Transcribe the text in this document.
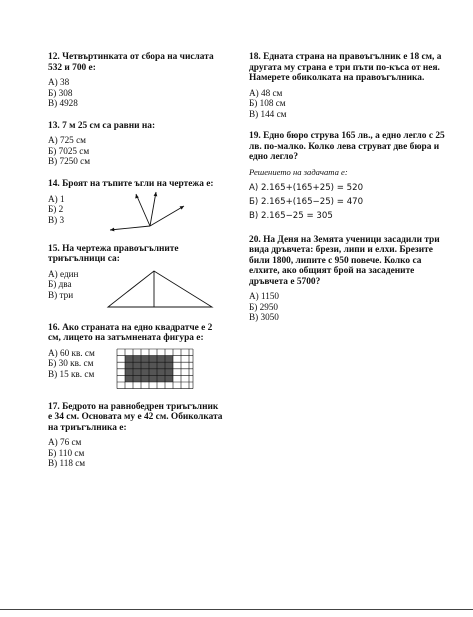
12. Четвъртинката от сбора на числата 532 и 700 е:
А) 38
Б) 308
В) 4928
13. 7 м 25 см са равни на:
А) 725 см
Б) 7025 см
В) 7250 см
14. Броят на тъпите ъгли на чертежа е:
А) 1
Б) 2
В) 3
15. На чертежа правоъгълните триъгълници са:
А) един
Б) два
В) три
16. Ако страната на едно квадратче е 2 см, лицето на затъмнената фигура е:
А) 60 кв. см
Б) 30 кв. см
В) 15 кв. см
17. Бедрото на равнобедрен триъгълник е 34 см. Основата му е 42 см. Обиколката на триъгълника е:
А) 76 см
Б) 110 см
В) 118 см
18. Едната страна на правоъгълник е 18 см, а другата му страна е три пъти по-къса от нея. Намерете обиколката на правоъгълника.
А) 48 см
Б) 108 см
В) 144 см
19. Едно бюро струва 165 лв., а едно легло с 25 лв. по-малко. Колко лева струват две бюра и едно легло?
Решението на задачата е:
А) 2.165+(165+25) = 520
Б) 2.165+(165−25) = 470
В) 2.165−25 = 305
20. На Деня на Земята ученици засадили три вида дръвчета: брези, липи и елхи. Брезите били 1800, липите с 950 повече. Колко са елхите, ако общият брой на засадените дръвчета е 5700?
А) 1150
Б) 2950
В) 3050
